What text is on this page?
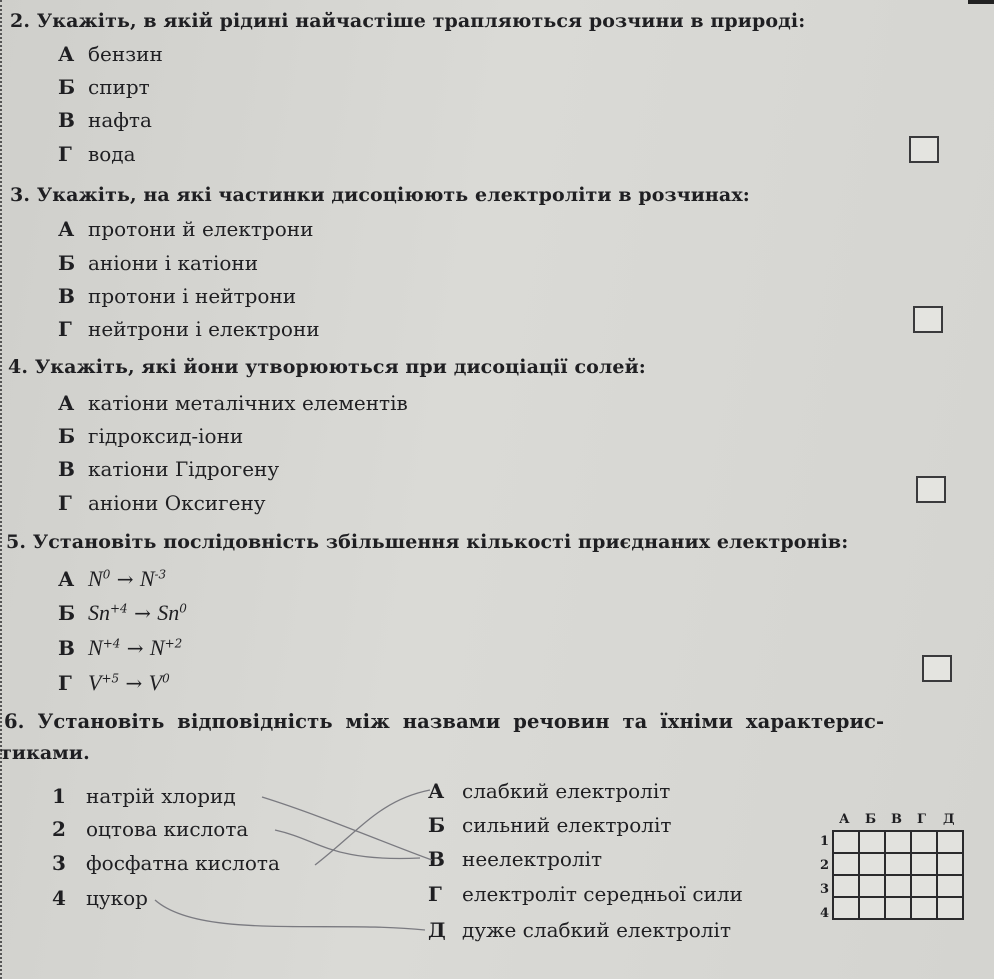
2. Укажіть, в якій рідині найчастіше трапляються розчини в природі:
А бензин
Б спирт
В нафта
Г вода
3. Укажіть, на які частинки дисоціюють електроліти в розчинах:
А протони й електрони
Б аніони і катіони
В протони і нейтрони
Г нейтрони і електрони
4. Укажіть, які йони утворюються при дисоціації солей:
А катіони металічних елементів
Б гідроксид-іони
В катіони Гідрогену
Г аніони Оксигену
5. Установіть послідовність збільшення кількості приєднаних електронів:
А $N^0 \to N^{-3}$
Б $Sn^{+4} \to Sn^0$
В $N^{+4} \to N^{+2}$
Г $V^{+5} \to V^0$
6. Установіть відповідність між назвами речовин та їхніми характерис-
тиками.
1 натрій хлорид
2 оцтова кислота
3 фосфатна кислота
4 цукор
А слабкий електроліт
Б сильний електроліт
В неелектроліт
Г електроліт середньої сили
Д дуже слабкий електроліт
А Б В Г Д
1
2
3
4
